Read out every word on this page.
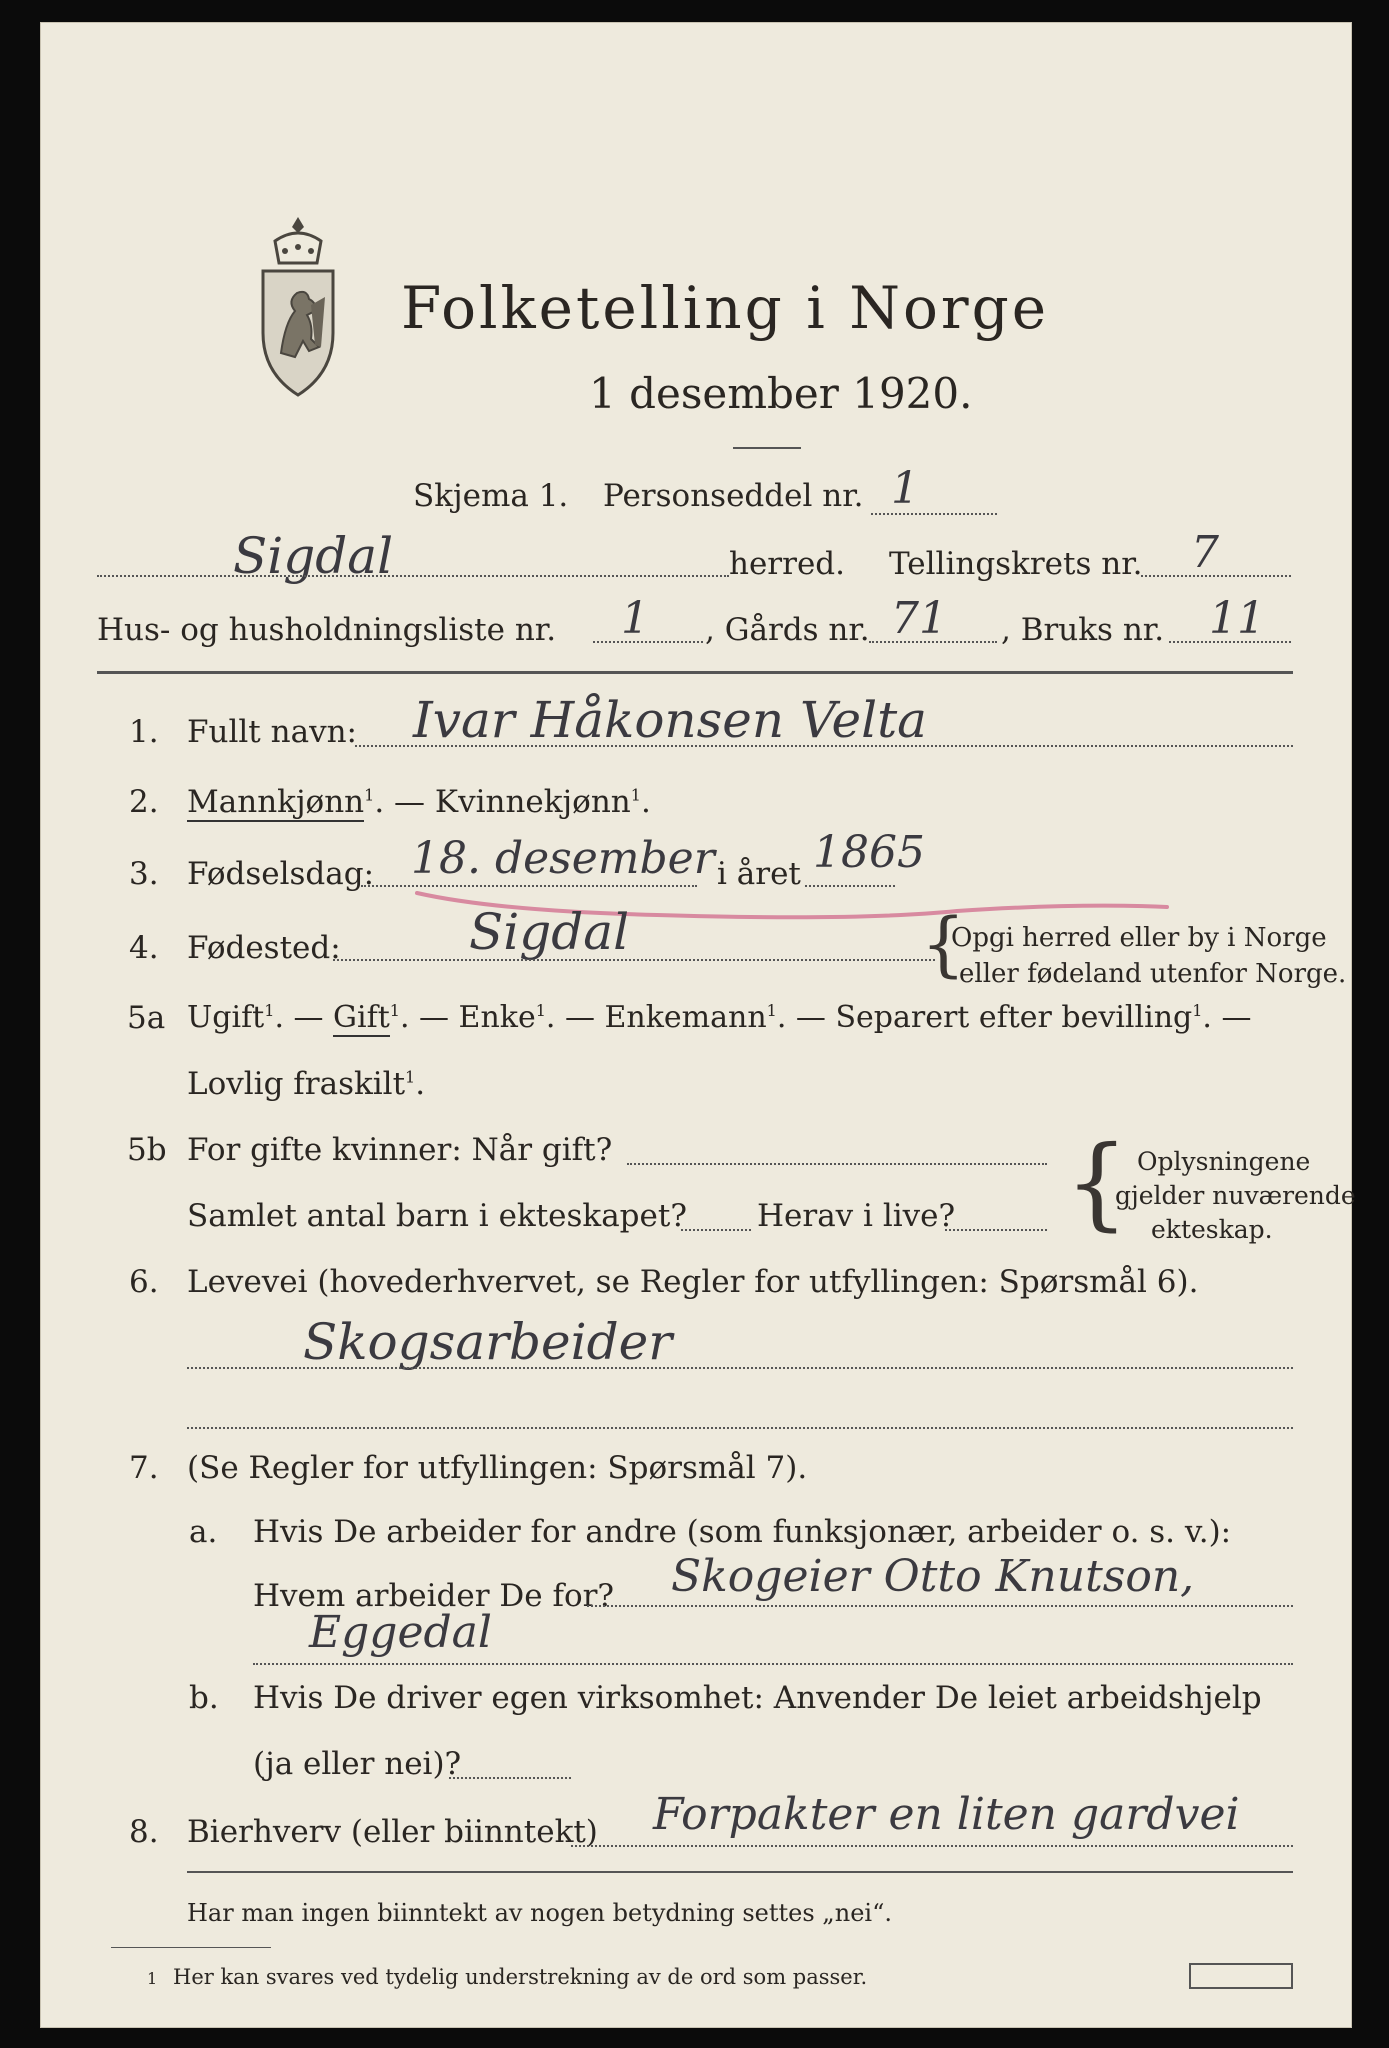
Folketelling i Norge
1 desember 1920.
Skjema 1. Personseddel nr. 1
Sigdal	herred. Tellingskrets nr. 7
Hus- og husholdningsliste nr. 1 , Gårds nr. 71 , Bruks nr. 11
1. Fullt navn: Ivar Håkonsen Velta
2. Mannkjønn$^1$. — Kvinnekjønn$^1$.
3. Fødselsdag: 18. desember i året 1865
4. Fødested:	Sigdal	{
Opgi herred eller by i Norge
eller fødeland utenfor Norge.
5a Ugift$^1$. — Gift$^1$. — Enke$^1$. — Enkemann$^1$. — Separert efter bevilling$^1$. —
Lovlig fraskilt$^1$.
5b For gifte kvinner: Når gift?
Samlet antal barn i ekteskapet? Herav i live? { Oplysningene
gjelder nuværende
ekteskap.
6. Levevei (hovederhvervet, se Regler for utfyllingen: Spørsmål 6).
Skogsarbeider
7. (Se Regler for utfyllingen: Spørsmål 7).
a. Hvis De arbeider for andre (som funksjonær, arbeider o. s. v.):
Hvem arbeider De for? Skogeier Otto Knutson,
Eggedal
b. Hvis De driver egen virksomhet: Anvender De leiet arbeidshjelp
(ja eller nei)?
8. Bierhverv (eller biinntekt) Forpakter en liten gardvei
Har man ingen biinntekt av nogen betydning settes „nei“.
1 Her kan svares ved tydelig understrekning av de ord som passer.
